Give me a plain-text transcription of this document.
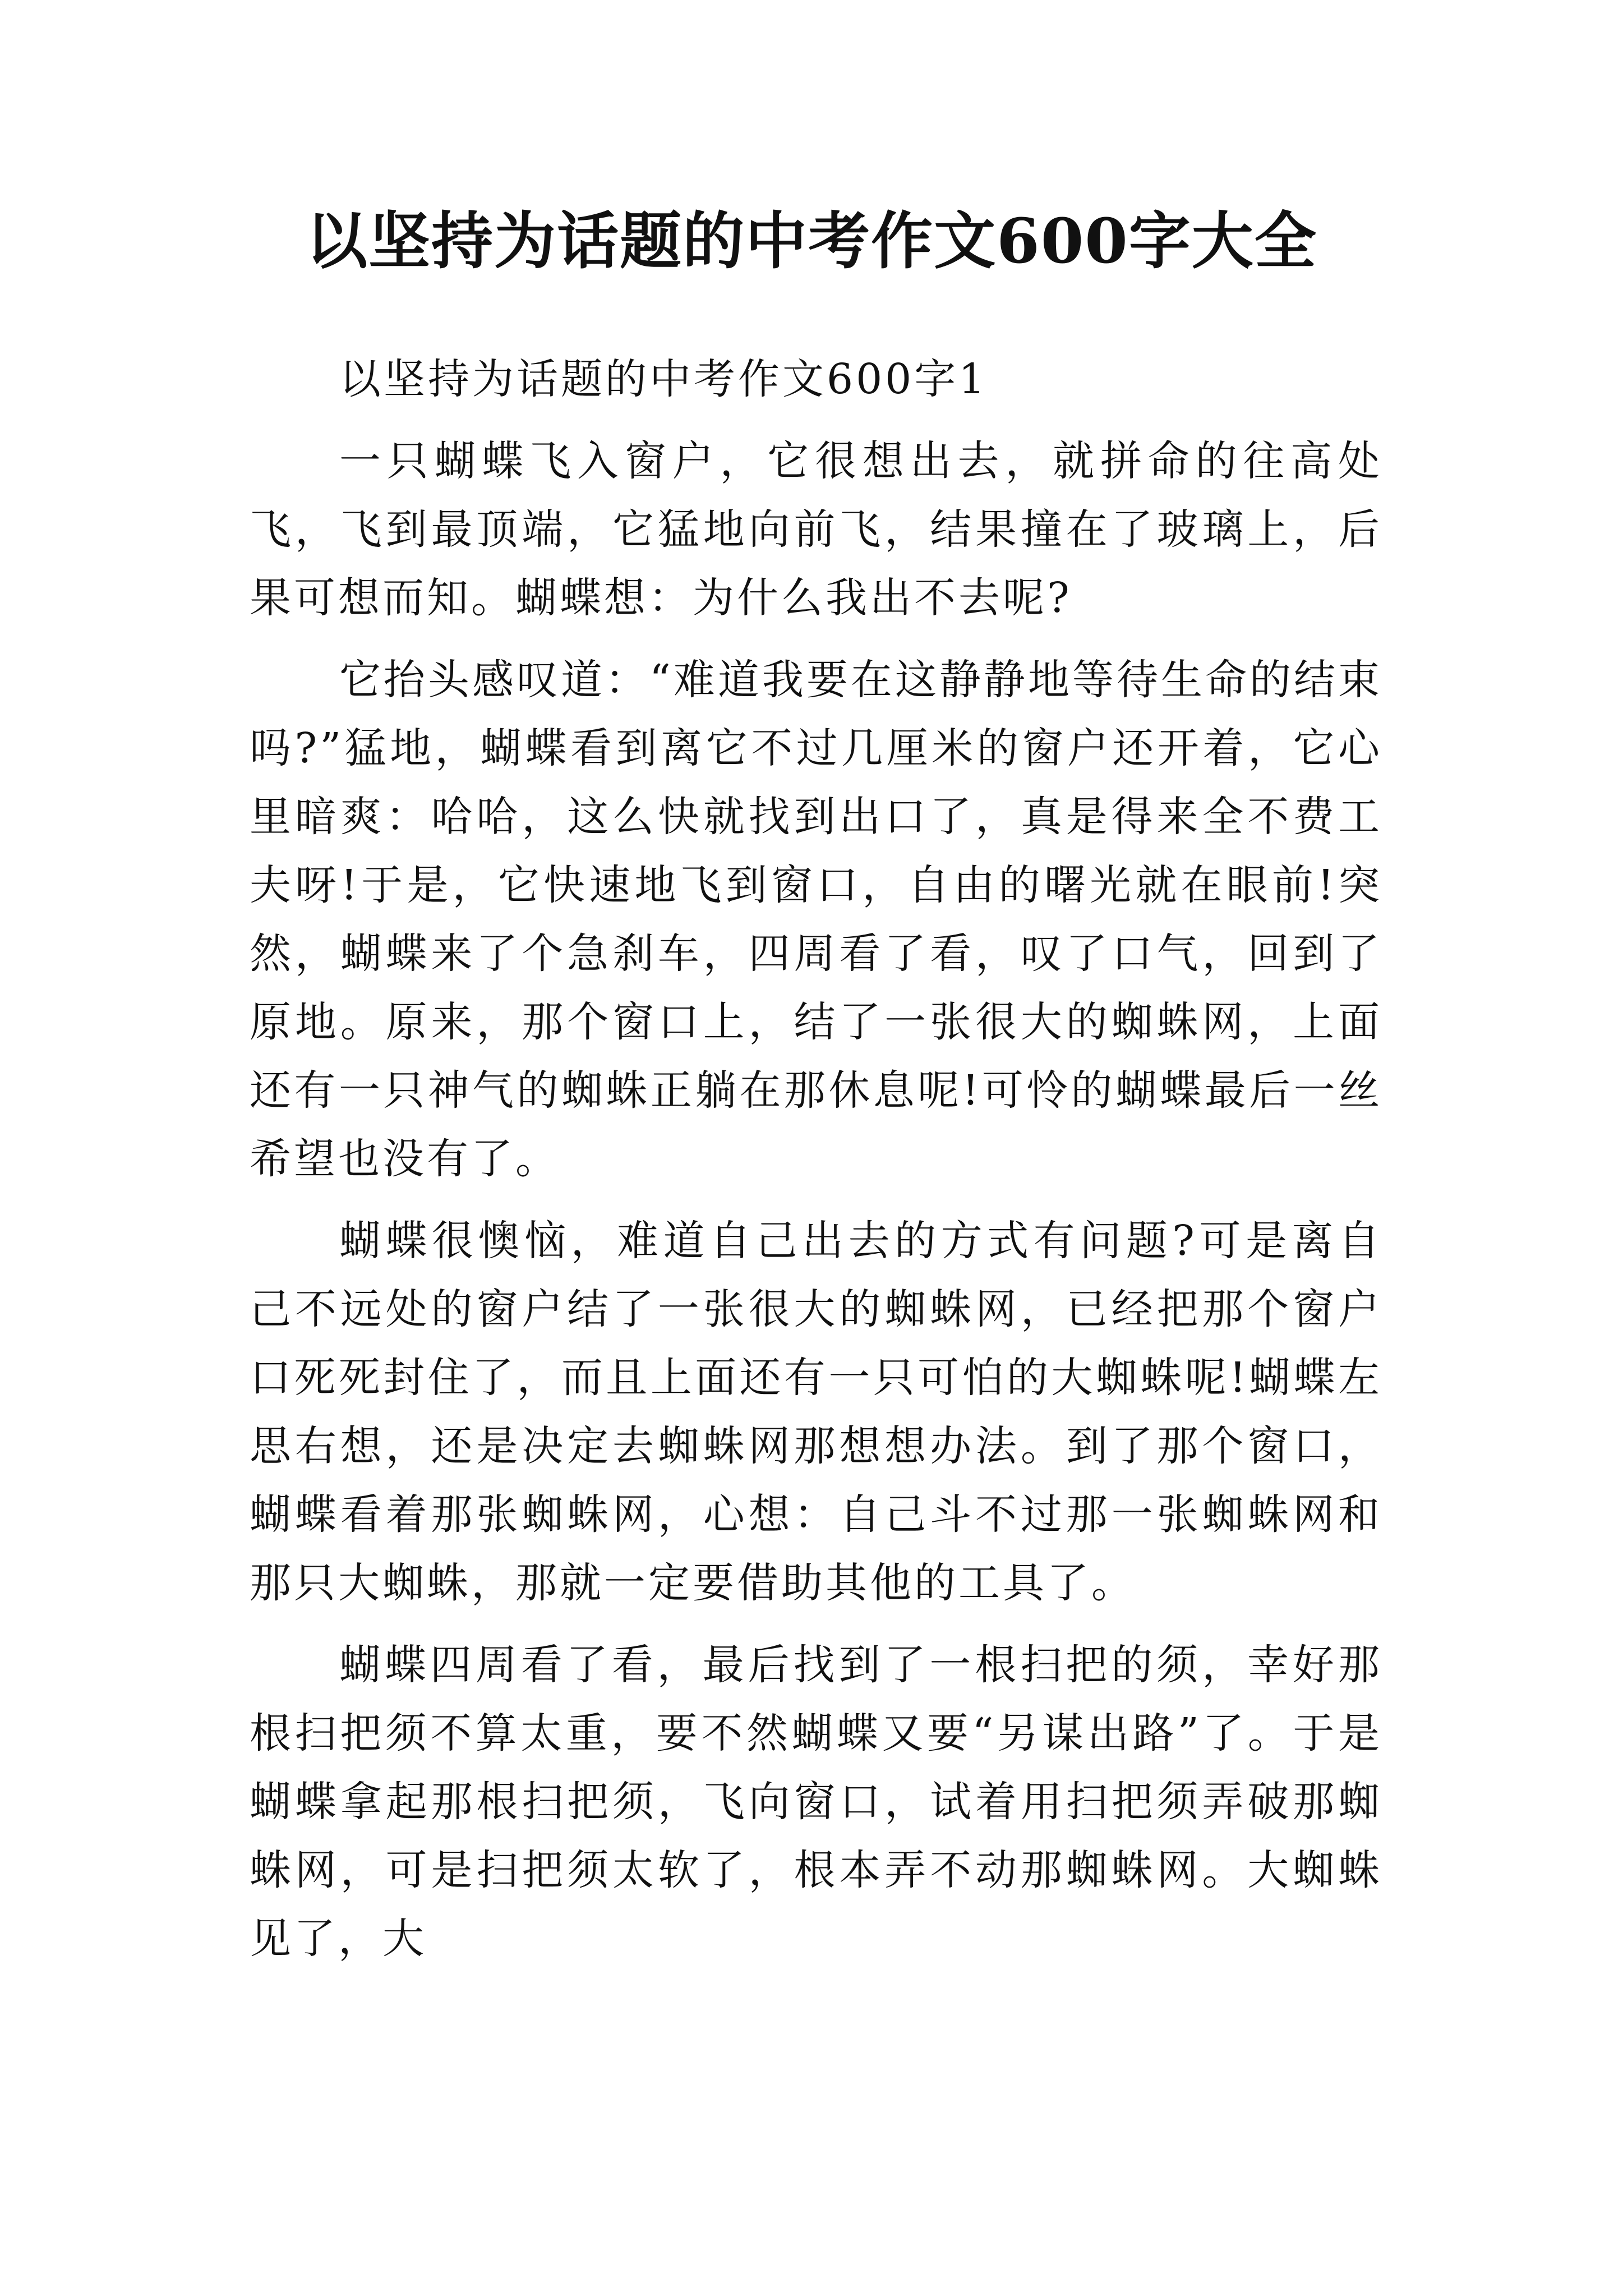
以坚持为话题的中考作文600字大全

以坚持为话题的中考作文600字1

一只蝴蝶飞入窗户，它很想出去，就拼命的往高处飞，飞到最顶端，它猛地向前飞，结果撞在了玻璃上，后果可想而知。蝴蝶想：为什么我出不去呢?

它抬头感叹道：“难道我要在这静静地等待生命的结束吗?”猛地，蝴蝶看到离它不过几厘米的窗户还开着，它心里暗爽：哈哈，这么快就找到出口了，真是得来全不费工夫呀!于是，它快速地飞到窗口，自由的曙光就在眼前!突然，蝴蝶来了个急刹车，四周看了看，叹了口气，回到了原地。原来，那个窗口上，结了一张很大的蜘蛛网，上面还有一只神气的蜘蛛正躺在那休息呢!可怜的蝴蝶最后一丝希望也没有了。

蝴蝶很懊恼，难道自己出去的方式有问题?可是离自己不远处的窗户结了一张很大的蜘蛛网，已经把那个窗户口死死封住了，而且上面还有一只可怕的大蜘蛛呢!蝴蝶左思右想，还是决定去蜘蛛网那想想办法。到了那个窗口，蝴蝶看着那张蜘蛛网，心想：自己斗不过那一张蜘蛛网和那只大蜘蛛，那就一定要借助其他的工具了。

蝴蝶四周看了看，最后找到了一根扫把的须，幸好那根扫把须不算太重，要不然蝴蝶又要“另谋出路”了。于是蝴蝶拿起那根扫把须，飞向窗口，试着用扫把须弄破那蜘蛛网，可是扫把须太软了，根本弄不动那蜘蛛网。大蜘蛛见了，大
